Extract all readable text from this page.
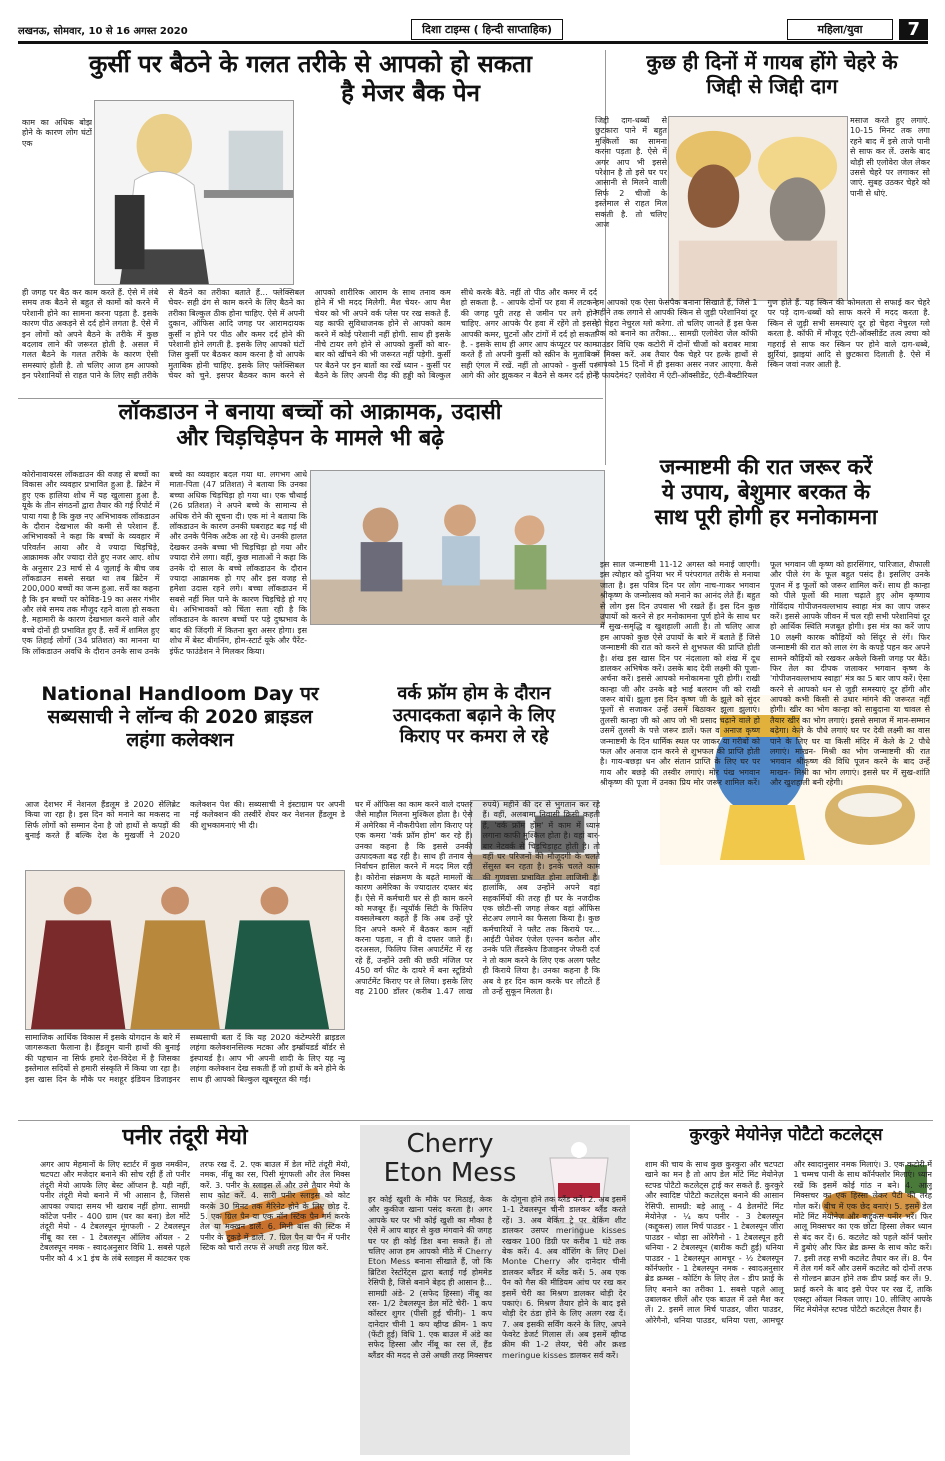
लखनऊ, सोमवार, 10 से 16 अगस्त 2020	दिशा टाइम्स ( हिन्दी साप्ताहिक)	महिला/युवा	7
कुर्सी पर बैठने के गलत तरीके से आपको हो सकता
है मेजर बैक पेन
काम का अधिक बोझ होने के कारण लोग घंटों एक
ही जगह पर बैठ कर काम करते हैं. ऐसे में लंबे समय तक बैठने से बहुत से कामों को करने में परेशानी होने का सामना करना पड़ता है. इसके कारण पीठ अकड़ने से दर्द होने लगता है. ऐसे में इन लोगों को अपने बैठने के तरीके में कुछ बदलाव लाने की जरूरत होती है. असल में गलत बैठने के गलत तरीके के कारण ऐसी समस्याएं होती है. तो चलिए आज हम आपको इन परेशानियों से राहत पाने के लिए सही तरीके से बैठने का तरीका बताते हैं... फ्लेक्सिबल चेयर- सही ढंग से काम करने के लिए बैठने का तरीका बिल्कुल ठीक होना चाहिए. ऐसे में अपनी दुकान, ऑफिस आदि जगह पर आरामदायक कुर्सी न होने पर पीठ और कमर दर्द होने की परेशानी होने लगती है. इसके लिए आपको घंटों जिस कुर्सी पर बैठकर काम करना है वो आपके मुताबिक होनी चाहिए. इसके लिए फ्लेक्सिबल चेयर को चुने. इसपर बैठकर काम करने से आपको शारीरिक आराम के साथ तनाव कम होने में भी मदद मिलेगी. मैश चेयर- आप मैश चेयर को भी अपने वर्क प्लेस पर रख सकते हैं. यह काफी सुविधाजनक होने से आपको काम करने में कोई परेशानी नहीं होगी. साथ ही इसके नीचे टायर लगे होने से आपको कुर्सी को बार-बार को खींचने की भी जरूरत नहीं पड़ेगी. कुर्सी पर बैठने पर इन बातों का रखें ध्यान - कुर्सी पर बैठने के लिए अपनी रीढ़ की हड्डी को बिल्कुल सीधे करके बैठे. नहीं तो पीठ और कमर में दर्द हो सकता है. - आपके दोनों पर हवा में लटकने की जगह पूरी तरह से जमीन पर लगे होने चाहिए. अगर आपके पैर हवा में रहेंगे तो इससे आपकी कमर, घुटनों और टांगों में दर्द हो सकता है. - इसके साथ ही अगर आप कंप्यूटर पर काम करते हैं तो अपनी कुर्सी को स्क्रीन के मुताबिक सही एंगल में रखें. नहीं तो आपको - कुर्सी पर आगे की ओर झुककर न बैठने से कमर दर्द होने
कुछ ही दिनों में गायब होंगे चेहरे के
जिद्दी से जिद्दी दाग
जिद्दी दाग-धब्बों से छुटकारा पाने में बहुत मुश्किलों का सामना करना पड़ता है. ऐसे में अगर आप भी इससे परेशान है तो इसे घर पर आसानी से मिलने वाली सिर्फ 2 चीजों के इस्तेमाल से राहत मिल सकती है. तो चलिए आज
मसाज करते हुए लगाएं. 10-15 मिनट तक लगा रहने बाद में इसे ताजे पानी से साफ कर लें. उसके बाद थोड़ी सी एलोवेरा जेल लेकर उससे चेहरे पर लगाकर सो जाएं. सुबह उठकर चेहरे को पानी से धोएं.
हम आपको एक ऐसा फेसपैक बनाना सिखाते हैं, जिसे 1 महीने तक लगाने से आपकी स्किन से जुड़ी परेशानियां दूर हो चेहरा नेचुरल ग्लो करेगा. तो चलिए जानते हैं इस फेस पैक को बनाने का तरीका... सामग्री एलोवेरा जेल कॉफी पाउडर विधि एक कटोरी में दोनों चीजों को बराबर मात्रा में मिक्स करें. अब तैयार पैक चेहरे पर हल्के हाथों से आपको 15 दिनों में ही इसका असर नजर आएगा. कैसे है फायदेमंद? एलोवेरा में एंटी-ऑक्सीडेंट, एंटी-बैक्टीरियल गुण होते हैं. यह स्किन की कोमलता से सफाई कर चेहरे पर पड़े दाग-धब्बों को साफ करने में मदद करता है. स्किन से जुड़ी सभी समस्याएं दूर हो चेहरा नेचुरल ग्लो करता है. कॉफी में मौजूद एंटी-ऑक्सीडेंट तत्व त्वचा को गहराई से साफ कर स्किन पर होने वाले दाग-धब्बे, झुर्रियां, झाइयां आदि से छुटकारा दिलाती है. ऐसे में स्किन जवां नजर आती है.
लॉकडाउन ने बनाया बच्चों को आक्रामक, उदासी
और चिड़चिड़ेपन के मामले भी बढ़े
कोरोनावायरस लॉकडाउन की वजह से बच्चों का विकास और व्यवहार प्रभावित हुआ है. ब्रिटेन में हुए एक हालिया शोध में यह खुलासा हुआ है. यूके के तीन संगठनों द्वारा तैयार की गई रिपोर्ट में पाया गया है कि कुछ नए अभिभावक लॉकडाउन के दौरान देखभाल की कमी से परेशान हैं. अभिभावकों ने कहा कि बच्चों के व्यवहार में परिवर्तन आया और वे ज्यादा चिड़चिड़े, आक्रामक और ज्यादा रोते हुए नजर आए. शोध के अनुसार 23 मार्च से 4 जुलाई के बीच जब लॉकडाउन सबसे सख्त था तब ब्रिटेन में 200,000 बच्चों का जन्म हुआ. सर्वे का कहना है कि इन बच्चों पर कोविड-19 का असर गंभीर और लंबे समय तक मौजूद रहने वाला हो सकता है. महामारी के कारण देखभाल करने वाले और बच्चे दोनों ही प्रभावित हुए हैं. सर्वे में शामिल हुए एक तिहाई लोगों (34 प्रतिशत) का मानना था कि लॉकडाउन अवधि के दौरान उनके साथ उनके बच्चे का व्यवहार बदल गया था. लगभग आधे माता-पिता (47 प्रतिशत) ने बताया कि उनका बच्चा अधिक चिड़चिड़ा हो गया था। एक चौथाई (26 प्रतिशत) ने अपने बच्चे के सामान्य से अधिक रोने की सूचना दी। एक मां ने बताया कि लॉकडाउन के कारण उनकी घबराहट बढ़ गई थी और उनके पैनिक अटैक आ रहे थे। उनकी हालत देखकर उनके बच्चा भी चिड़चिड़ा हो गया और ज्यादा रोने लगा। वहीं, कुछ माताओं ने कहा कि उनके दो साल के बच्चे लॉकडाउन के दौरान ज्यादा आक्रामक हो गए और इस वजह से हमेशा उदास रहने लगे। बच्चा लॉकडाउन में सबसे नहीं मिल पाने के कारण चिड़चिड़े हो गए थे। अभिभावकों को चिंता सता रही है कि लॉकडाउन के कारण बच्चों पर पड़े दुष्प्रभाव के बाद की जिंदगी में कितना बुरा असर होगा। इस शोध में बेस्ट बीगनिंग, होम-स्टार्ट यूके और पैरेंट-इंफेंट फाउंडेशन ने मिलकर किया।
जन्माष्टमी की रात जरूर करें
ये उपाय, बेशुमार बरकत के
साथ पूरी होगी हर मनोकामना
इस साल जन्माष्टमी 11-12 अगस्त को मनाई जाएगी। इस त्योहार को दुनिया भर में परंपरागत तरीके से मनाया जाता है। इस पवित्र दिन पर लोग नाच-गाकर भगवान श्रीकृष्ण के जन्मोत्सव को मनाने का आनंद लेते हैं। बहुत से लोग इस दिन उपवास भी रखते हैं। इस दिन कुछ उपायों को करने से हर मनोकामना पूर्ण होने के साथ घर में सुख-समृद्धि व खुशहाली आती है। तो चलिए आज हम आपको कुछ ऐसे उपायों के बारे में बताते हैं जिसे जन्माष्टमी की रात को करने से शुभफल की प्राप्ति होती है। शंख इस खास दिन पर नंदलाला को शंख में दूध डालकर अभिषेक करें। उसके बाद देवी लक्ष्मी की पूजा-अर्चना करें। इससे आपको मनोकामना पूरी होगी। राखी कान्हा जी और उनके बड़े भाई बलराम जी को राखी जरूर बांधें। झूला इस दिन कृष्ण जी के झूले को सुंदर फूलों से सजाकर उन्हें उसमें बिठाकर झूला झुलाएं। तुलसी कान्हा जी को आप जो भी प्रसाद चढ़ाने वाले हो उसमें तुलसी के पत्ते जरूर डालें। फल व अनाज कृष्ण जन्माष्टमी के दिन धार्मिक स्थल पर जाकर या गरीबों को फल और अनाज दान करने से शुभफल की प्राप्ति होती है। गाय-बछड़ा धन और संतान प्राप्ति के लिए घर पर गाय और बछड़े की तस्वीर लगाएं। मोर पंख भगवान श्रीकृष्ण की पूजा में उनका प्रिय मोर जरूर शामिल करें। फूल भगवान जी कृष्ण को हारसिंगार, पारिजात, शैफाली और पीले रंग के फूल बहुत पसंद है। इसलिए उनके पूजन में इ फूलों को जरूर शामिल करें। साथ ही कान्हा को पीले फूलों की माला चढ़ाते हुए ओम कृष्णाय गोविंदाय गोपीजनवल्लभाय स्वाहा मंत्र का जाप जरूर करें। इससे आपके जीवन में चल रही सभी परेशानियां दूर हो आर्थिक स्थिति मजबूत होगी। इस मंत्र का करें जाप 10 लक्ष्मी कारक कौड़ियों को सिंदूर से रंगें। फिर जन्माष्टमी की रात को लाल रंग के कपड़े पहन कर अपने सामने कौड़ियों को रखकर अकेले किसी जगह पर बैठें। फिर तेल का दीपक जलाकर भगवान कृष्ण के 'गोपीजनवल्लभाय स्वाहा' मंत्र का 5 बार जाप करें। ऐसा करने से आपको धन से जुड़ी समस्याएं दूर होंगी और आपको कभी किसी से उधार मांगने की जरूरत नहीं होगी। खीर का भोग कान्हा को साबुदाना या चावल से तैयार खीर का भोग लगाएं। इससे समाज में मान-सम्मान बढ़ेगा। केले के पौधे लगाएं घर पर देवी लक्ष्मी का वास पाने के लिए घर या किसी मंदिर में केले के 2 पौधे लगाएं। माखन- मिश्री का भोग जन्माष्टमी की रात भगवान श्रीकृष्ण की विधि पूजन करने के बाद उन्हें माखन- मिश्री का भोग लगाएं। इससे घर में सुख-शांति और खुशहाली बनी रहेगी।
National Handloom Day पर
सब्यसाची ने लॉन्च की 2020 ब्राइडल
लहंगा कलेक्शन
आज देशभर में नेशनल हैंडलूम डे 2020 सेलिब्रेट किया जा रहा है। इस दिन को मनाने का मकसद ना सिर्फ लोगों को सम्मान देना है जो हाथों से कपड़ों की बुनाई करते हैं बल्कि देश के मुखर्जी ने 2020 कलेक्शन पेश की। सब्यसाची ने इंस्टाग्राम पर अपनी नई कलेक्शन की तस्वीरें शेयर कर नेशनल हैंडलूम डे की शुभकामनाएं भी दी।
सामाजिक आर्थिक विकास में इसके योगदान के बारे में जागरूकता फैलाना है। हैंडलूम यानी हाथों की बुनाई की पहचान ना सिर्फ हमारे देश-विदेश में है जिसका इस्तेमाल सदियों से हमारी संस्कृति में किया जा रहा है। इस खास दिन के मौके पर मशहूर इंडियन डिजाइनर सब्यसाची बता दें कि यह 2020 कंटेम्परेरी ब्राइडल लहंगा कलेक्शनसिल्क मटका और इम्ब्रॉयडर्ड बॉर्डर से इंस्पायर्ड है। आप भी अपनी शादी के लिए यह न्यू लहंगा कलेक्शन देख सकती हैं जो हाथों के बने होने के साथ ही आपको बिल्कुल खूबसूरत की गई।
वर्क फ्रॉम होम के दौरान
उत्पादकता बढ़ाने के लिए
किराए पर कमरा ले रहे
घर में ऑफिस का काम करने वाले दफ्तर जैसे माहौल मिलना मुश्किल होता है। ऐसे में अमेरिका में नौकरीपेशा लोग किराए पर एक कमरा 'वर्क फ्रॉम होम' कर रहे हैं। उनका कहना है कि इससे उनकी उत्पादकता बढ़ रही है। साथ ही तनाव से निर्वाचन हासिल करने में मदद मिल रही है। कोरोना संक्रमण के बढ़ते मामलों के कारण अमेरिका के ज्यादातर दफ्तर बंद हैं। ऐसे में कर्मचारी घर से ही काम करने को मजबूर हैं। न्यूयॉर्क सिटी के फिलिप वक्सलेम्बरग कहते हैं कि अब उन्हें पूरे दिन अपने कमरे में बैठकर काम नहीं करना पड़ता, न ही वे दफ्तर जाते हैं। दरअसल, फिलिप जिस अपार्टमेंट में रह रहे हैं, उन्होंने उसी की छठी मंजिल पर 450 वर्ग फीट के दायरे में बना स्टूडियो अपार्टमेंट किराए पर ले लिया। इसके लिए वह 2100 डॉलर (करीब 1.47 लाख रुपये) महीने की दर से भुगतान कर रहे हैं। वहीं, अलबामा निवासी क्रिसी कहती हैं, 'वर्क फ्रॉम होम' में काम में ध्यान लगाना काफी मुश्किल होता है। वहां बार-बार नेटवर्क से चिड़चिड़ाहट होती है। तो वहीं घर परिजनों की मौजूदगी के चलते सेंसुस्त बन रहता है। इनके चलते काम की गुणवत्ता प्रभावित होना लाजिमी है। हालांकि, अब उन्होंने अपने वहां सहकर्मियों की तरह ही घर के नजदीक एक छोटी-सी जगह लेकर वहां ऑफिस सेटअप लगाने का फैसला किया है। कुछ कर्मचारियों ने फ्लैट तक किराये पर... आईटी पेशेवर एंजेल एल्नन करोल और उनके पति लैंडस्केप डिजाइनर जेफरी दर्ज ने तो काम करने के लिए एक अलग फ्लैट ही किराये लिया है। उनका कहना है कि अब वे हर दिन काम करके घर लौटते हैं तो उन्हें सुकून मिलता है।
पनीर तंदूरी मेयो
अगर आप मेहमानों के लिए स्टार्टर में कुछ नमकीन, चटपटा और मजेदार बनाने की सोच रही हैं तो पनीर तंदूरी मेयो आपके लिए बेस्ट ऑप्शन है. यही नहीं, पनीर तंदूरी मेयो बनाने में भी आसान है, जिससे आपका ज्यादा समय भी खराब नहीं होगा. सामग्री कॉटेज पनीर - 400 ग्राम (घर का बना) डेल मोंटे तंदूरी मेयो - 4 टेबलस्पून मूंगफली - 2 टेबलस्पून नींबू का रस - 1 टेबलस्पून ऑलिव ऑयल - 2 टेबलस्पून नमक - स्वादअनुसार विधि 1. सबसे पहले पनीर को 4 ×1 इंच के लंबे स्लाइस में काटकर एक तरफ रख दें. 2. एक बाउल में डेल मोंटे तंदूरी मेयो, नमक, नींबू का रस, पिसी मूंगफली और तेल मिक्स करें. 3. पनीर के स्लाइस लें और उसे तैयार मेयो के साथ कोट करें. 4. सारी पनीर स्लाइस को कोट करके 30 मिनट तक मैरिनेट होने के लिए छोड़ दें. 5. एक ग्रिल पैन या एक नॉन स्टिक पैन गर्म करके तेल या मक्खन डालें. 6. मिनी बांस की स्टिक में पनीर के टुकड़े में डालें. 7. ग्रिल पैन या पैन में पनीर स्टिक को चारों तरफ से अच्छी तरह ग्रिल करें.
Cherry
Eton Mess
हर कोई खुशी के मौके पर मिठाई, केक और कुकीज खाना पसंद करता है। अगर आपके घर पर भी कोई खुशी का मौका है ऐसे में आप बाहर से कुछ मंगवाने की जगह घर पर ही कोई डिश बना सकते हैं। तो चलिए आज हम आपको मीठे में Cherry Eton Mess बनाना सीखाते हैं, जो कि ब्रिटिश रेस्टोरेंट्स द्वारा बताई गई होममेड रेसिपी है, जिसे बनाने बेहद ही आसान है... सामग्री अंडे- 2 (सफेद हिस्सा) नींबू का रस- 1/2 टेबलस्पून डेल मोंटे चेरी- 1 कप कॉस्टर शुगर (पीसी हुई चीनी)- 1 कप दानेदार चीनी 1 कप व्हीप्ड क्रीम- 1 कप (फेंटी हुई) विधि 1. एक बाउल में अंडे का सफेद हिस्सा और नींबू का रस लें, हैंड ब्लैंडर की मदद से उसे अच्छी तरह मिक्सचर के दोगुना होने तक ब्लैंड करें। 2. अब इसमें 1-1 टेबलस्पून चीनी डालकर ब्लैंड करते रहें। 3. अब बेकिंग ट्रे पर बेकिंग शीट डालकर उसपर meringue kisses रखकर 100 डिग्री पर करीब 1 घंटे तक बेक करें। 4. अब वॉशिंग के लिए Del Monte Cherry और दानेदार चीनी डालकर ब्लैंडर में ब्लेंड करें। 5. अब एक पैन को गैस की मीडियम आंच पर रख कर इसमें चेरी का मिश्रण डालकर थोड़ी देर पकाएं। 6. मिश्रण तैयार होने के बाद इसे थोड़ी देर ठंडा होने के लिए अलग रख दें। 7. अब इसकी सर्विंग करने के लिए, अपने फेवरेट डेजर्ट गिलास लें। अब इसमें व्हीप्ड क्रीम की 1-2 लेयर, चेरी और क्रश्ड meringue kisses डालकर सर्व करें।
कुरकुरे मेयोनेज़ पोटैटो कटलेट्स
शाम की चाय के साथ कुछ कुरकुरा और चटपटा खाने का मन है तो आप डेल मोंटे मिंट मेयोनेज़ स्टफ्ड पोटैटो कटलेट्स ट्राई कर सकते हैं. कुरकुरे और स्वादिष्ट पोटैटो कटलेट्स बनाने की आसान रेसिपी. सामग्री: बड़े आलू - 4 डेलमोंटे मिंट मेयोनेज़ - ¼ कप पनीर - 3 टेबलस्पून (कद्दूकस) लाल मिर्च पाउडर - 1 टेबलस्पून जीरा पाउडर - थोड़ा सा ओरेगैनो - 1 टेबलस्पून हरी धनिया - 2 टेबलस्पून (बारीक कटी हुई) धनिया पाउडर - 1 टेबलस्पून आमचूर - ½ टेबलस्पून कॉर्नफ्लोर - 1 टेबलस्पून नमक - स्वादअनुसार ब्रेड क्रम्ब्स - कोटिंग के लिए तेल - डीप फ्राई के लिए बनाने का तरीका 1. सबसे पहले आलू उबालकर छीलें और एक बाउल में उसे मैश कर लें। 2. इसमें लाल मिर्च पाउडर, जीरा पाउडर, ओरेगैनो, धनिया पाउडर, धनिया पत्ता, आमचूर और स्वादानुसार नमक मिलाएं। 3. एक कटोरी में 1 चम्मच पानी के साथ कॉर्नफ्लोर मिलाएं। ध्यान रखें कि इसमें कोई गांठ न बने। 4. आलू मिक्सचर का एक हिस्सा लेकर पैटी की तरह गोल करें। बीच में एक छेद बनाएं। 5. इसमें डेल मोंटे मिंट मेयोनेज़ और कद्दूकस पनीर भरें। फिर आलू मिक्सचर का एक छोटा हिस्सा लेकर ध्यान से बंद कर दें। 6. कटलेट को पहले कॉर्न फ्लोर में डुबोएं और फिर ब्रेड क्रम्स के साथ कोट करें। 7. इसी तरह सभी कटलेट तैयार कर लें। 8. पैन में तेल गर्म करें और उसमें कटलेट को दोनों तरफ से गोल्डन ब्राउन होने तक डीप फ्राई कर लें। 9. फ्राई करने के बाद इसे पेपर पर रख दें, ताकि एक्स्ट्रा ऑयल निकल जाए। 10. लीजिए आपके मिंट मेयोनेज़ स्टफ्ड पोटैटो कटलेट्स तैयार हैं।
